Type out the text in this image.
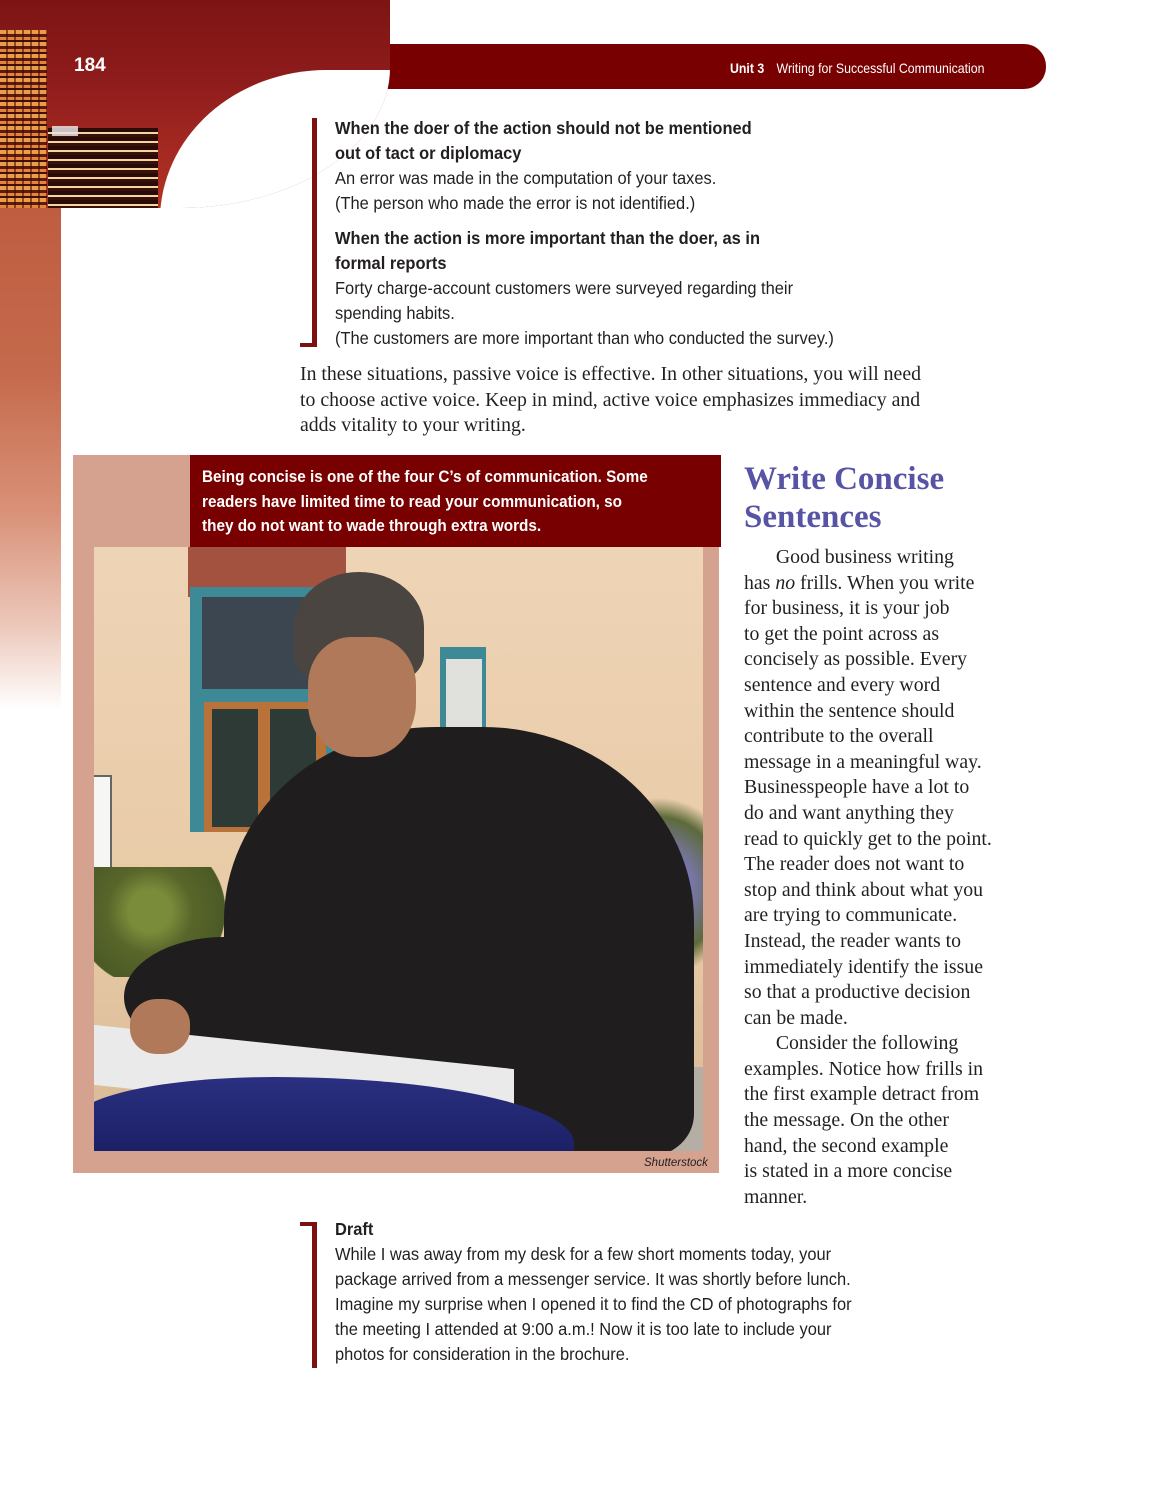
184	Unit 3 Writing for Successful Communication
When the doer of the action should not be mentioned
out of tact or diplomacy
An error was made in the computation of your taxes.
(The person who made the error is not identified.)
When the action is more important than the doer, as in
formal reports
Forty charge-account customers were surveyed regarding their
spending habits.
(The customers are more important than who conducted the survey.)
In these situations, passive voice is effective. In other situations, you will need
to choose active voice. Keep in mind, active voice emphasizes immediacy and
adds vitality to your writing.
Being concise is one of the four C’s of communication. Some
readers have limited time to read your communication, so
they do not want to wade through extra words.
Shutterstock
Write Concise
Sentences
Good business writing
has no frills. When you write
for business, it is your job
to get the point across as
concisely as possible. Every
sentence and every word
within the sentence should
contribute to the overall
message in a meaningful way.
Businesspeople have a lot to
do and want anything they
read to quickly get to the point.
The reader does not want to
stop and think about what you
are trying to communicate.
Instead, the reader wants to
immediately identify the issue
so that a productive decision
can be made.
Consider the following
examples. Notice how frills in
the first example detract from
the message. On the other
hand, the second example
is stated in a more concise
manner.
Draft
While I was away from my desk for a few short moments today, your
package arrived from a messenger service. It was shortly before lunch.
Imagine my surprise when I opened it to find the CD of photographs for
the meeting I attended at 9:00 a.m.! Now it is too late to include your
photos for consideration in the brochure.
